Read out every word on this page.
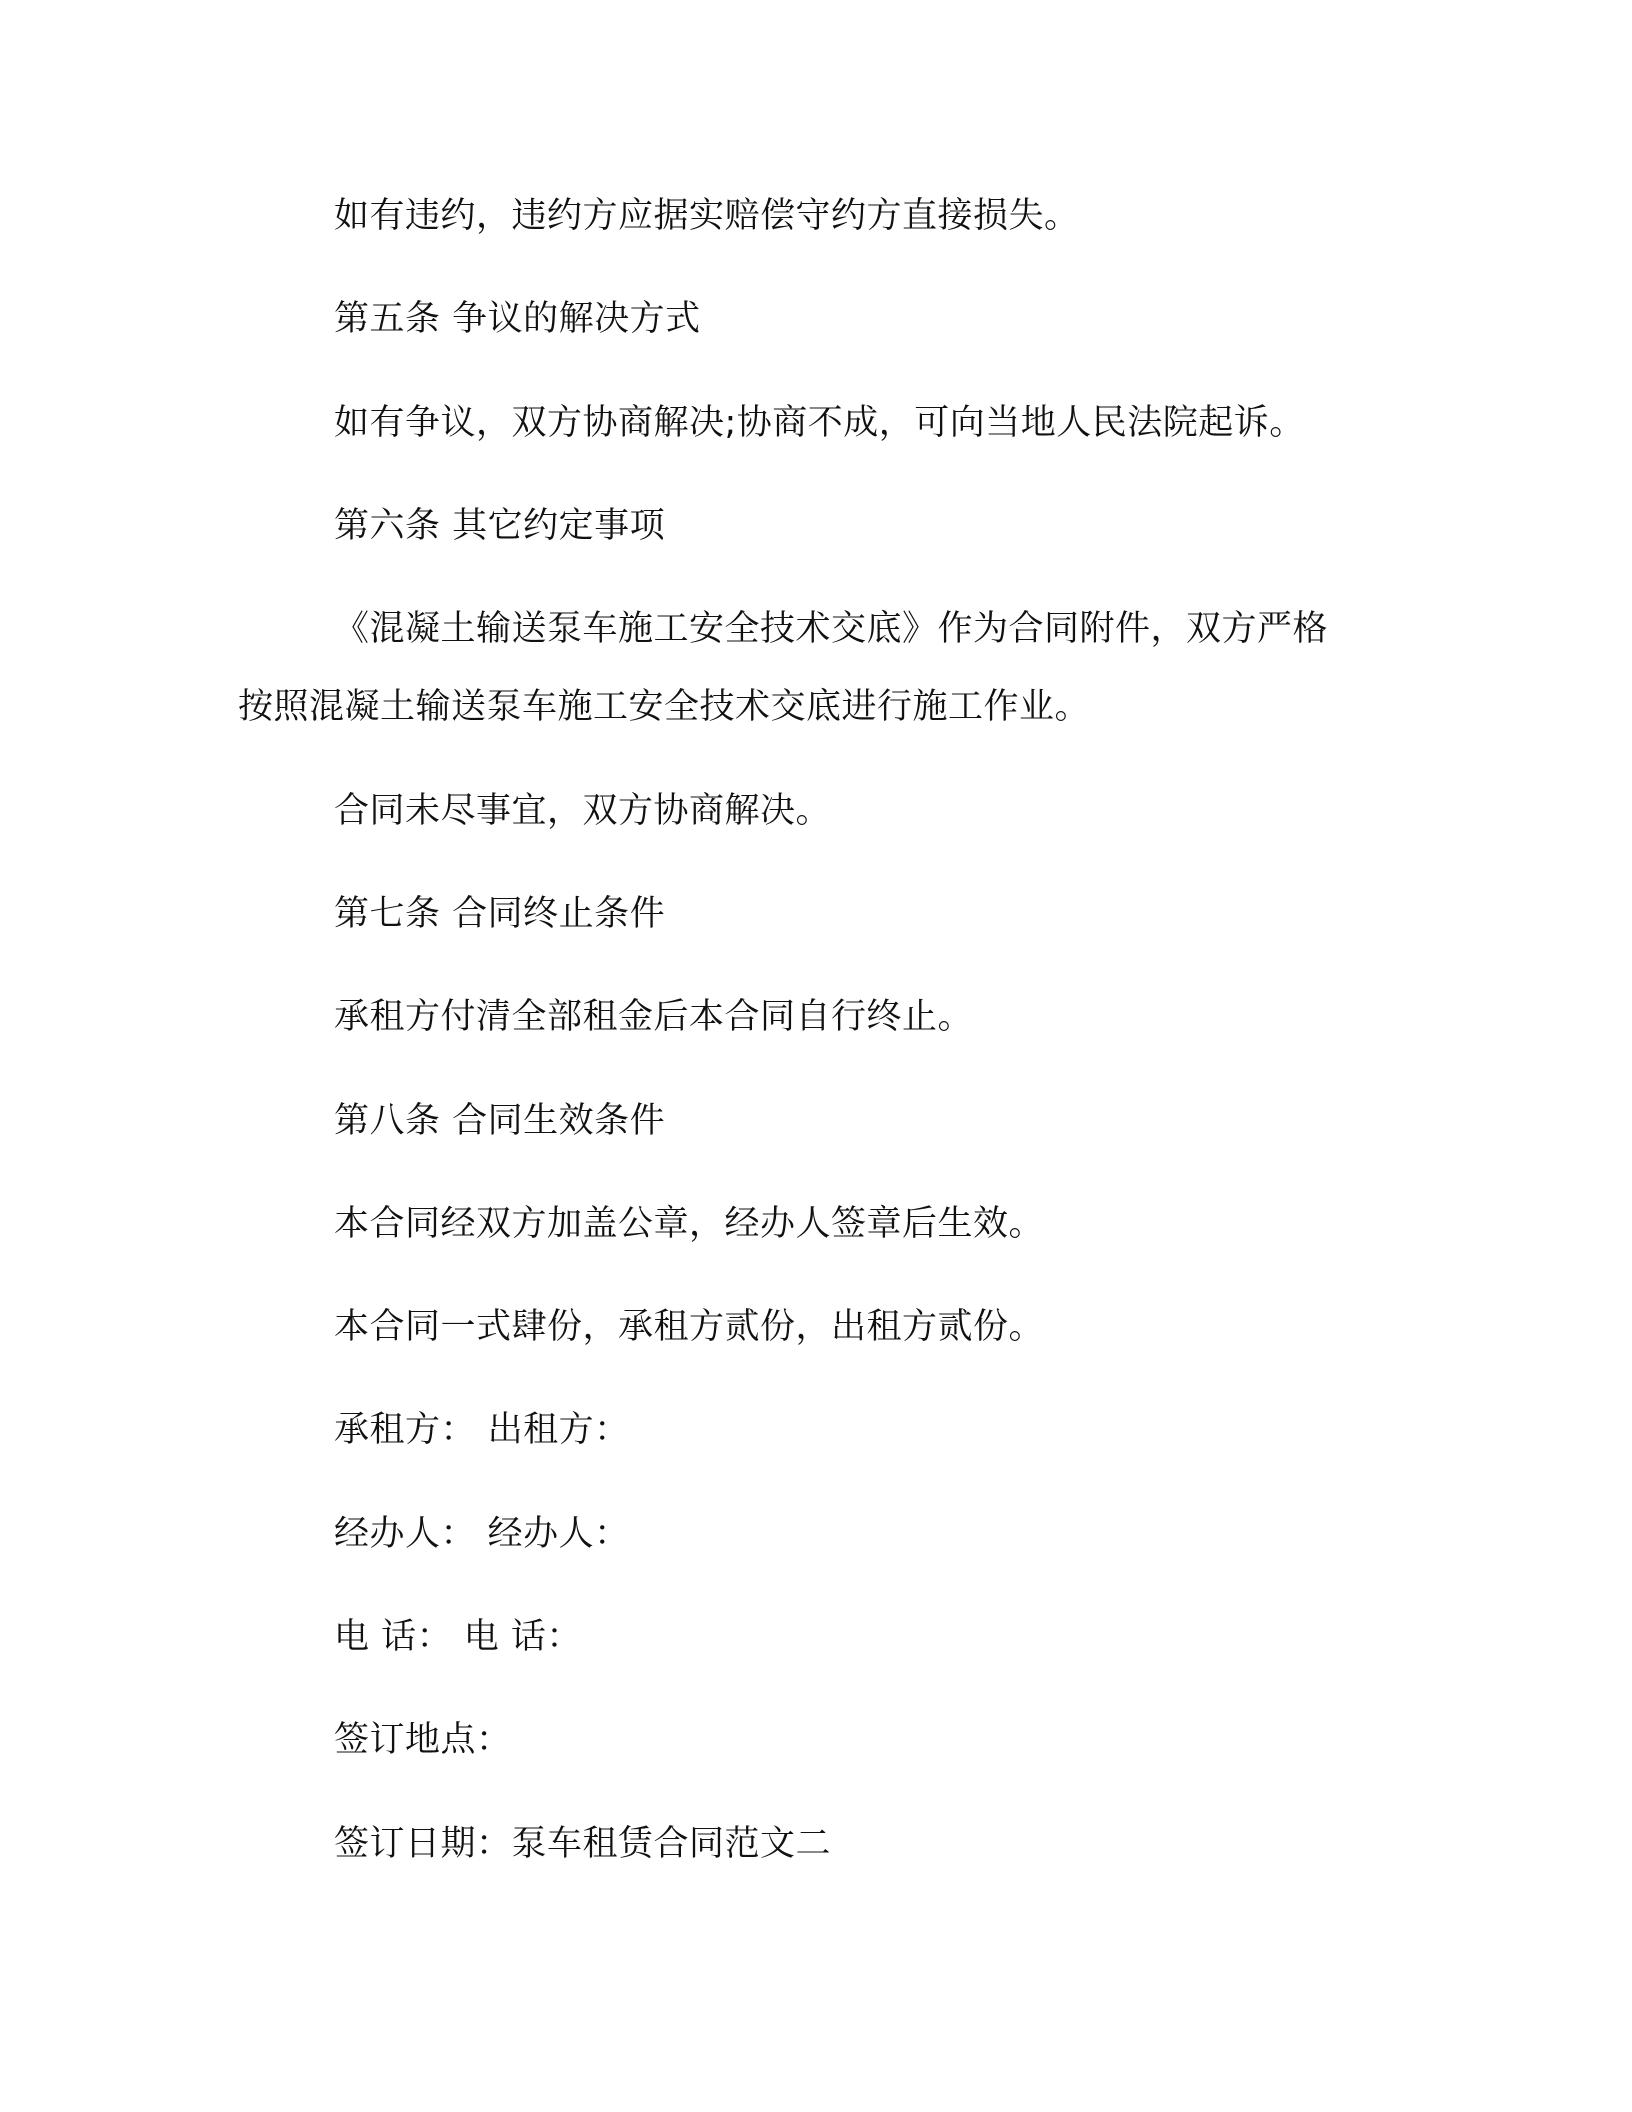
如有违约，违约方应据实赔偿守约方直接损失。
第五条 争议的解决方式
如有争议，双方协商解决;协商不成，可向当地人民法院起诉。
第六条 其它约定事项
《混凝土输送泵车施工安全技术交底》作为合同附件，双方严格
按照混凝土输送泵车施工安全技术交底进行施工作业。
合同未尽事宜，双方协商解决。
第七条 合同终止条件
承租方付清全部租金后本合同自行终止。
第八条 合同生效条件
本合同经双方加盖公章，经办人签章后生效。
本合同一式肆份，承租方贰份，出租方贰份。
承租方： 出租方：
经办人： 经办人：
电 话： 电 话：
签订地点：
签订日期：泵车租赁合同范文二
